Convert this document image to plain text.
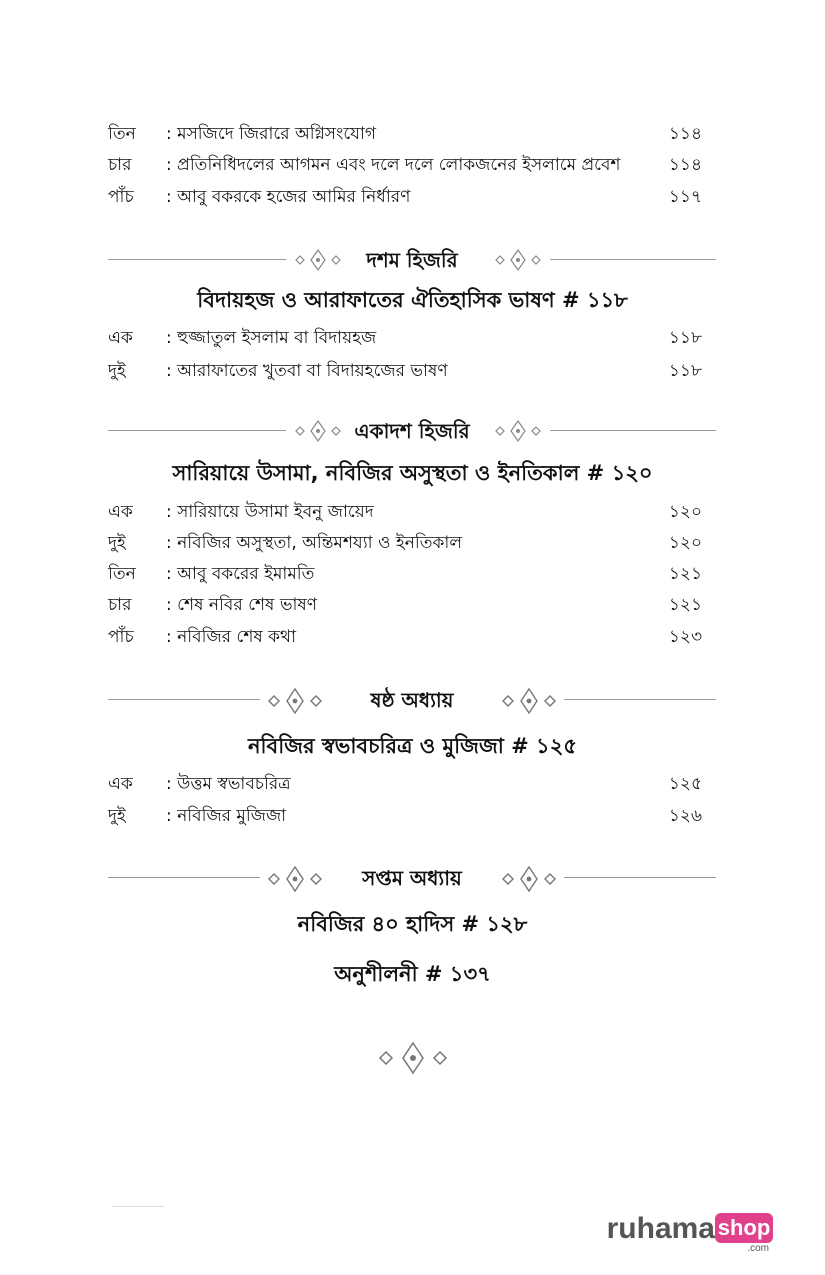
তিন : মসজিদে জিরারে অগ্নিসংযোগ	১১৪
চার : প্রতিনিধিদলের আগমন এবং দলে দলে লোকজনের ইসলামে প্রবেশ	১১৪
পাঁচ : আবু বকরকে হজের আমির নির্ধারণ	১১৭
দশম হিজরি
বিদায়হজ ও আরাফাতের ঐতিহাসিক ভাষণ # ১১৮
এক : হুজ্জাতুল ইসলাম বা বিদায়হজ	১১৮
দুই : আরাফাতের খুতবা বা বিদায়হজের ভাষণ	১১৮
একাদশ হিজরি
সারিয়ায়ে উসামা, নবিজির অসুস্থতা ও ইনতিকাল # ১২০
এক : সারিয়ায়ে উসামা ইবনু জায়েদ	১২০
দুই : নবিজির অসুস্থতা, অন্তিমশয্যা ও ইনতিকাল	১২০
তিন : আবু বকরের ইমামতি	১২১
চার : শেষ নবির শেষ ভাষণ	১২১
পাঁচ : নবিজির শেষ কথা	১২৩
ষষ্ঠ অধ্যায়
নবিজির স্বভাবচরিত্র ও মুজিজা # ১২৫
এক : উত্তম স্বভাবচরিত্র	১২৫
দুই : নবিজির মুজিজা	১২৬
সপ্তম অধ্যায়
নবিজির ৪০ হাদিস # ১২৮
অনুশীলনী # ১৩৭
ruhama shop
.com
